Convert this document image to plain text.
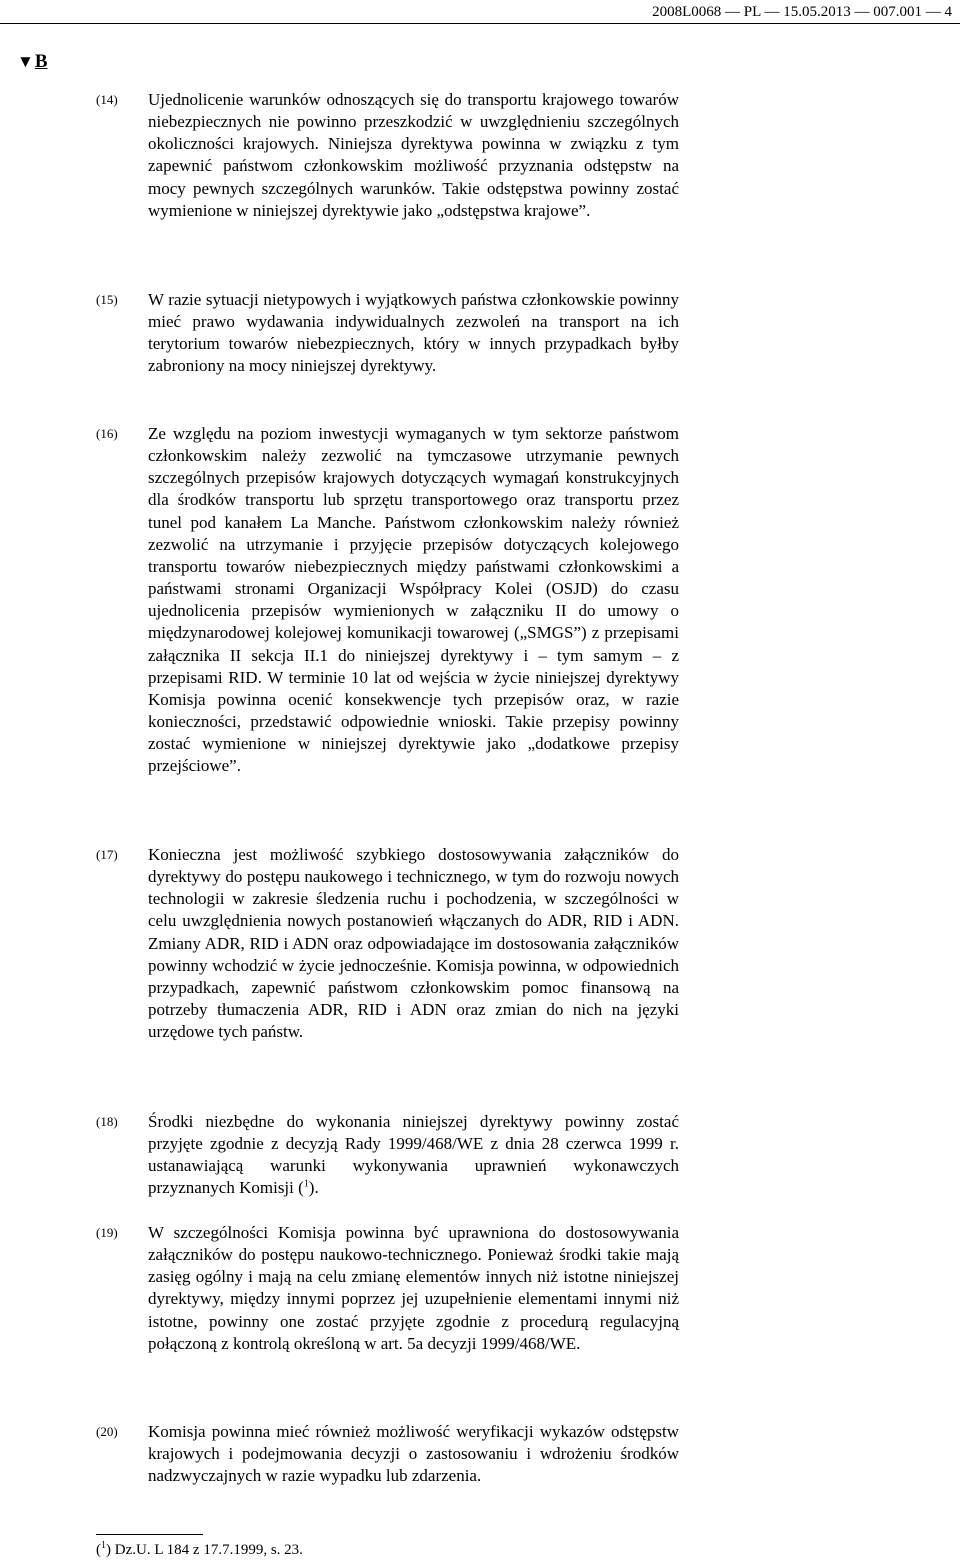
2008L0068 — PL — 15.05.2013 — 007.001 — 4
▼B
(14)	Ujednolicenie warunków odnoszących się do transportu krajowego towarów niebezpiecznych nie powinno przeszkodzić w uwzględnieniu szczególnych okoliczności krajowych. Niniejsza dyrektywa powinna w związku z tym zapewnić państwom członkowskim możliwość przyznania odstępstw na mocy pewnych szczególnych warunków. Takie odstępstwa powinny zostać wymienione w niniejszej dyrektywie jako „odstępstwa krajowe”.
(15)	W razie sytuacji nietypowych i wyjątkowych państwa członkowskie powinny mieć prawo wydawania indywidualnych zezwoleń na transport na ich terytorium towarów niebezpiecznych, który w innych przypadkach byłby zabroniony na mocy niniejszej dyrektywy.
(16)	Ze względu na poziom inwestycji wymaganych w tym sektorze państwom członkowskim należy zezwolić na tymczasowe utrzymanie pewnych szczególnych przepisów krajowych dotyczących wymagań konstrukcyjnych dla środków transportu lub sprzętu transportowego oraz transportu przez tunel pod kanałem La Manche. Państwom członkowskim należy również zezwolić na utrzymanie i przyjęcie przepisów dotyczących kolejowego transportu towarów niebezpiecznych między państwami członkowskimi a państwami stronami Organizacji Współpracy Kolei (OSJD) do czasu ujednolicenia przepisów wymienionych w załączniku II do umowy o międzynarodowej kolejowej komunikacji towarowej („SMGS”) z przepisami załącznika II sekcja II.1 do niniejszej dyrektywy i – tym samym – z przepisami RID. W terminie 10 lat od wejścia w życie niniejszej dyrektywy Komisja powinna ocenić konsekwencje tych przepisów oraz, w razie konieczności, przedstawić odpowiednie wnioski. Takie przepisy powinny zostać wymienione w niniejszej dyrektywie jako „dodatkowe przepisy przejściowe”.
(17)	Konieczna jest możliwość szybkiego dostosowywania załączników do dyrektywy do postępu naukowego i technicznego, w tym do rozwoju nowych technologii w zakresie śledzenia ruchu i pochodzenia, w szczególności w celu uwzględnienia nowych postanowień włączanych do ADR, RID i ADN. Zmiany ADR, RID i ADN oraz odpowiadające im dostosowania załączników powinny wchodzić w życie jednocześnie. Komisja powinna, w odpowiednich przypadkach, zapewnić państwom członkowskim pomoc finansową na potrzeby tłumaczenia ADR, RID i ADN oraz zmian do nich na języki urzędowe tych państw.
(18)	Środki niezbędne do wykonania niniejszej dyrektywy powinny zostać przyjęte zgodnie z decyzją Rady 1999/468/WE z dnia 28 czerwca 1999 r. ustanawiającą warunki wykonywania uprawnień wykonawczych przyznanych Komisji ($^1$).
(19)	W szczególności Komisja powinna być uprawniona do dostosowywania załączników do postępu naukowo-technicznego. Ponieważ środki takie mają zasięg ogólny i mają na celu zmianę elementów innych niż istotne niniejszej dyrektywy, między innymi poprzez jej uzupełnienie elementami innymi niż istotne, powinny one zostać przyjęte zgodnie z procedurą regulacyjną połączoną z kontrolą określoną w art. 5a decyzji 1999/468/WE.
(20)	Komisja powinna mieć również możliwość weryfikacji wykazów odstępstw krajowych i podejmowania decyzji o zastosowaniu i wdrożeniu środków nadzwyczajnych w razie wypadku lub zdarzenia.
($^1$) Dz.U. L 184 z 17.7.1999, s. 23.
